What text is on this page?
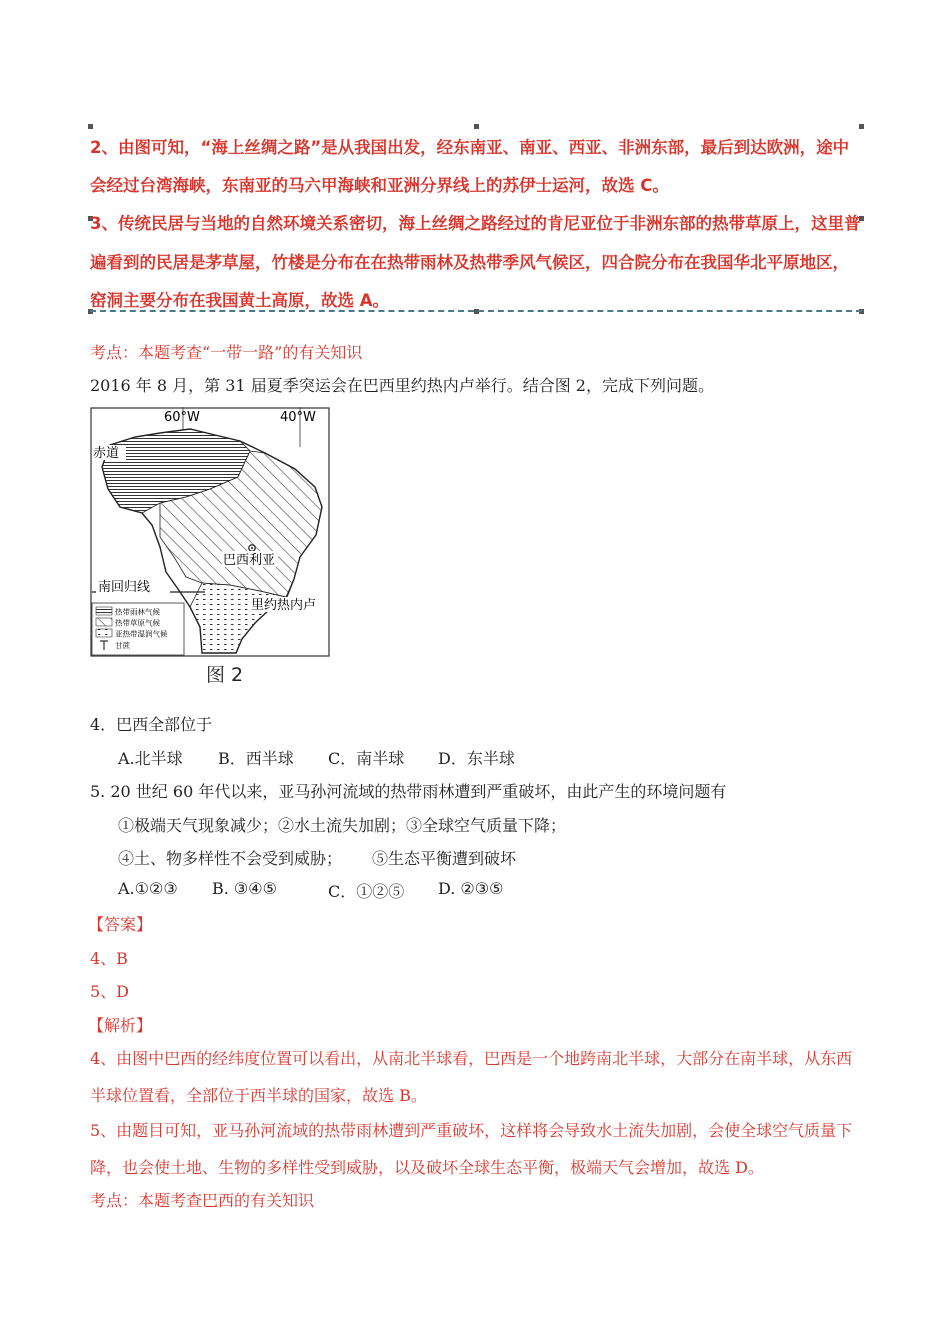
2、由图可知，“海上丝绸之路”是从我国出发，经东南亚、南亚、西亚、非洲东部，最后到达欧洲，途中
会经过台湾海峡，东南亚的马六甲海峡和亚洲分界线上的苏伊士运河，故选 C。
3、传统民居与当地的自然环境关系密切，海上丝绸之路经过的肯尼亚位于非洲东部的热带草原上，这里普
遍看到的民居是茅草屋，竹楼是分布在在热带雨林及热带季风气候区，四合院分布在我国华北平原地区，
窑洞主要分布在我国黄土高原，故选 A。
考点：本题考查“一带一路”的有关知识
2016 年 8 月，第 31 届夏季突运会在巴西里约热内卢举行。结合图 2，完成下列问题。
60°W	40°W
赤道
南回归线
巴西利亚
里约热内卢
热带雨林气候
热带草原气候
亚热带湿润气候
甘蔗
图 2
4．巴西全部位于
A.北半球 B．西半球 C．南半球 D．东半球
5. 20 世纪 60 年代以来，亚马孙河流域的热带雨林遭到严重破坏，由此产生的环境问题有
①极端天气现象减少；②水土流失加剧；③全球空气质量下降；
④土、物多样性不会受到威胁； ⑤生态平衡遭到破坏
A.①②③ B. ③④⑤	C．①②⑤ D. ②③⑤
【答案】
4、B
5、D
【解析】
4、由图中巴西的经纬度位置可以看出，从南北半球看，巴西是一个地跨南北半球，大部分在南半球，从东西
半球位置看，全部位于西半球的国家，故选 B。
5、由题目可知，亚马孙河流域的热带雨林遭到严重破坏，这样将会导致水土流失加剧，会使全球空气质量下
降，也会使土地、生物的多样性受到威胁，以及破坏全球生态平衡，极端天气会增加，故选 D。
考点：本题考查巴西的有关知识
